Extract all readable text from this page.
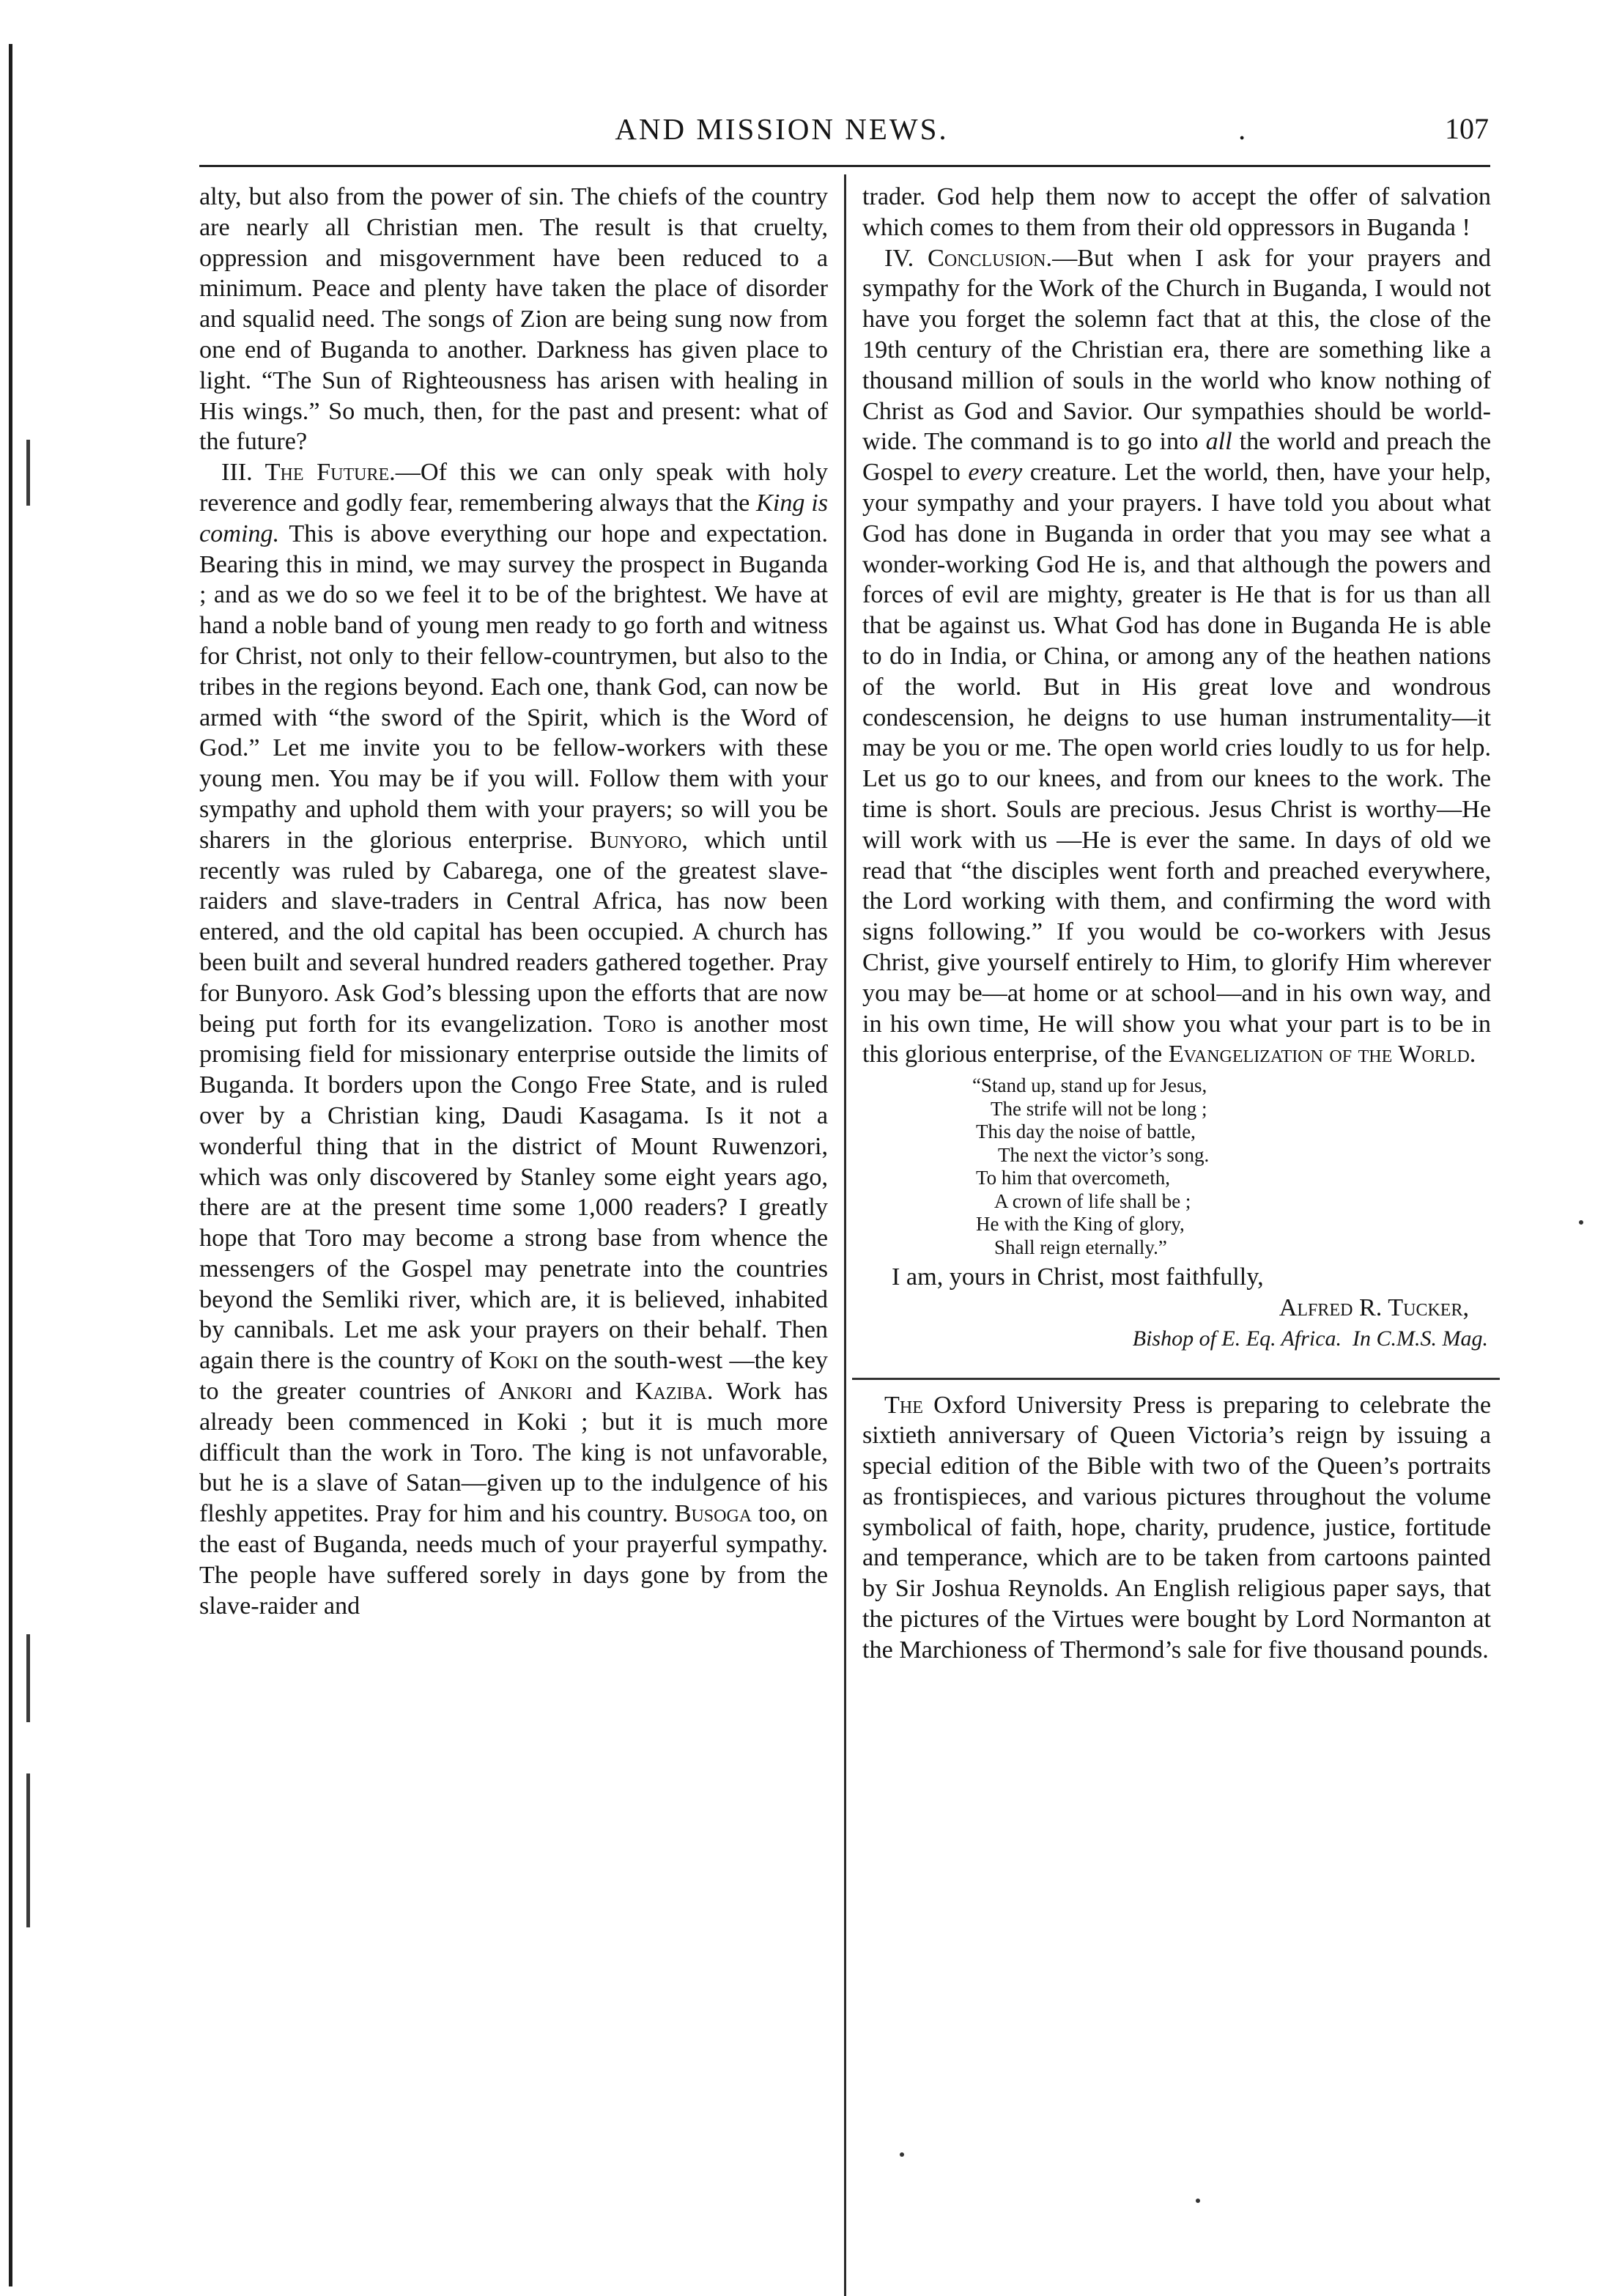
AND MISSION NEWS.	.	107

alty, but also from the power of sin. The chiefs of the country are nearly all Christian men. The result is that cruelty, oppression and misgovernment have been reduced to a minimum. Peace and plenty have taken the place of disorder and squalid need. The songs of Zion are being sung now from one end of Buganda to another. Darkness has given place to light. “The Sun of Righteousness has arisen with healing in His wings.” So much, then, for the past and present: what of the future?

III. The Future.—Of this we can only speak with holy reverence and godly fear, remembering always that the King is coming. This is above everything our hope and expectation. Bearing this in mind, we may survey the prospect in Buganda ; and as we do so we feel it to be of the brightest. We have at hand a noble band of young men ready to go forth and witness for Christ, not only to their fellow-countrymen, but also to the tribes in the regions beyond. Each one, thank God, can now be armed with “the sword of the Spirit, which is the Word of God.” Let me invite you to be fellow-workers with these young men. You may be if you will. Follow them with your sympathy and uphold them with your prayers; so will you be sharers in the glorious enterprise. Bunyoro, which until recently was ruled by Cabarega, one of the greatest slave-raiders and slave-traders in Central Africa, has now been entered, and the old capital has been occupied. A church has been built and several hundred readers gathered together. Pray for Bunyoro. Ask God’s blessing upon the efforts that are now being put forth for its evangelization. Toro is another most promising field for missionary enterprise outside the limits of Buganda. It borders upon the Congo Free State, and is ruled over by a Christian king, Daudi Kasagama. Is it not a wonderful thing that in the district of Mount Ruwenzori, which was only discovered by Stanley some eight years ago, there are at the present time some 1,000 readers? I greatly hope that Toro may become a strong base from whence the messengers of the Gospel may penetrate into the countries beyond the Semliki river, which are, it is believed, inhabited by cannibals. Let me ask your prayers on their behalf. Then again there is the country of Koki on the south-west —the key to the greater countries of Ankori and Kaziba. Work has already been commenced in Koki ; but it is much more difficult than the work in Toro. The king is not unfavorable, but he is a slave of Satan—given up to the indulgence of his fleshly appetites. Pray for him and his country. Busoga too, on the east of Buganda, needs much of your prayerful sympathy. The people have suffered sorely in days gone by from the slave-raider and

trader. God help them now to accept the offer of salvation which comes to them from their old oppressors in Buganda !

IV. Conclusion.—But when I ask for your prayers and sympathy for the Work of the Church in Buganda, I would not have you forget the solemn fact that at this, the close of the 19th century of the Christian era, there are something like a thousand million of souls in the world who know nothing of Christ as God and Savior. Our sympathies should be world-wide. The command is to go into all the world and preach the Gospel to every creature. Let the world, then, have your help, your sympathy and your prayers. I have told you about what God has done in Buganda in order that you may see what a wonder-working God He is, and that although the powers and forces of evil are mighty, greater is He that is for us than all that be against us. What God has done in Buganda He is able to do in India, or China, or among any of the heathen nations of the world. But in His great love and wondrous condescension, he deigns to use human instrumentality—it may be you or me. The open world cries loudly to us for help. Let us go to our knees, and from our knees to the work. The time is short. Souls are precious. Jesus Christ is worthy—He will work with us —He is ever the same. In days of old we read that “the disciples went forth and preached everywhere, the Lord working with them, and confirming the word with signs following.” If you would be co-workers with Jesus Christ, give yourself entirely to Him, to glorify Him wherever you may be—at home or at school—and in his own way, and in his own time, He will show you what your part is to be in this glorious enterprise, of the Evangelization of the World.

“Stand up, stand up for Jesus,
The strife will not be long ;
This day the noise of battle,
The next the victor’s song.
To him that overcometh,
A crown of life shall be ;
He with the King of glory,
Shall reign eternally.”
I am, yours in Christ, most faithfully,
Alfred R. Tucker,
Bishop of E. Eq. Africa. In C.M.S. Mag.

The Oxford University Press is preparing to celebrate the sixtieth anniversary of Queen Victoria’s reign by issuing a special edition of the Bible with two of the Queen’s portraits as frontispieces, and various pictures throughout the volume symbolical of faith, hope, charity, prudence, justice, fortitude and temperance, which are to be taken from cartoons painted by Sir Joshua Reynolds. An English religious paper says, that the pictures of the Virtues were bought by Lord Normanton at the Marchioness of Thermond’s sale for five thousand pounds.
